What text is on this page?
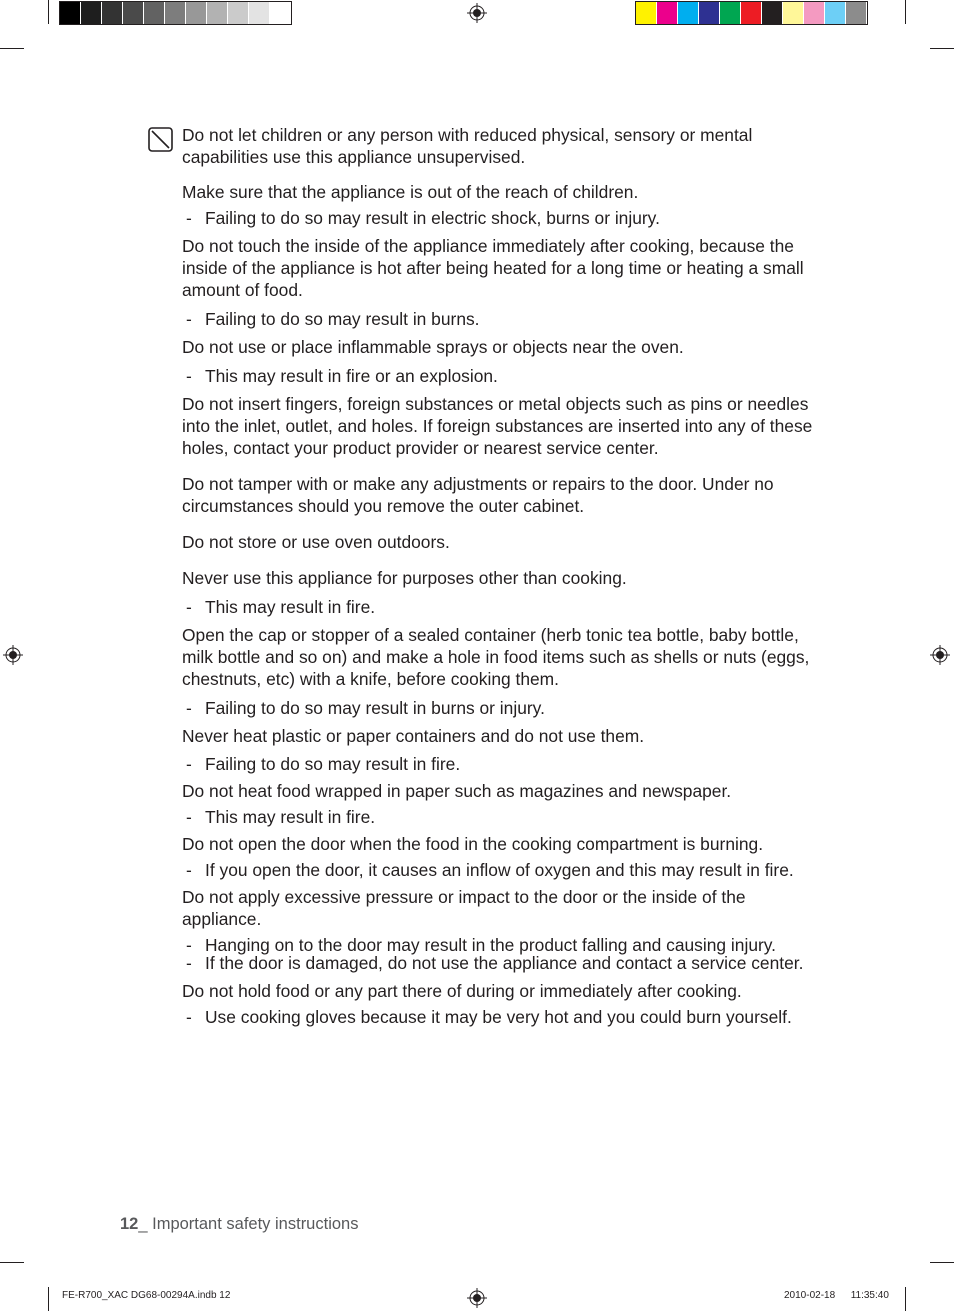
Do not let children or any person with reduced physical, sensory or mental capabilities use this appliance unsupervised.

Make sure that the appliance is out of the reach of children.

- Failing to do so may result in electric shock, burns or injury.

Do not touch the inside of the appliance immediately after cooking, because the inside of the appliance is hot after being heated for a long time or heating a small amount of food.

- Failing to do so may result in burns.

Do not use or place inflammable sprays or objects near the oven.

- This may result in fire or an explosion.

Do not insert fingers, foreign substances or metal objects such as pins or needles into the inlet, outlet, and holes. If foreign substances are inserted into any of these holes, contact your product provider or nearest service center.

Do not tamper with or make any adjustments or repairs to the door. Under no circumstances should you remove the outer cabinet.

Do not store or use oven outdoors.

Never use this appliance for purposes other than cooking.

- This may result in fire.

Open the cap or stopper of a sealed container (herb tonic tea bottle, baby bottle, milk bottle and so on) and make a hole in food items such as shells or nuts (eggs, chestnuts, etc) with a knife, before cooking them.

- Failing to do so may result in burns or injury.

Never heat plastic or paper containers and do not use them.

- Failing to do so may result in fire.

Do not heat food wrapped in paper such as magazines and newspaper.

- This may result in fire.

Do not open the door when the food in the cooking compartment is burning.

- If you open the door, it causes an inflow of oxygen and this may result in fire.

Do not apply excessive pressure or impact to the door or the inside of the appliance.

- Hanging on to the door may result in the product falling and causing injury.
- If the door is damaged, do not use the appliance and contact a service center.

Do not hold food or any part there of during or immediately after cooking.

- Use cooking gloves because it may be very hot and you could burn yourself.
12_ Important safety instructions
FE-R700_XAC DG68-00294A.indb 12	2010-02-18   11:35:40
